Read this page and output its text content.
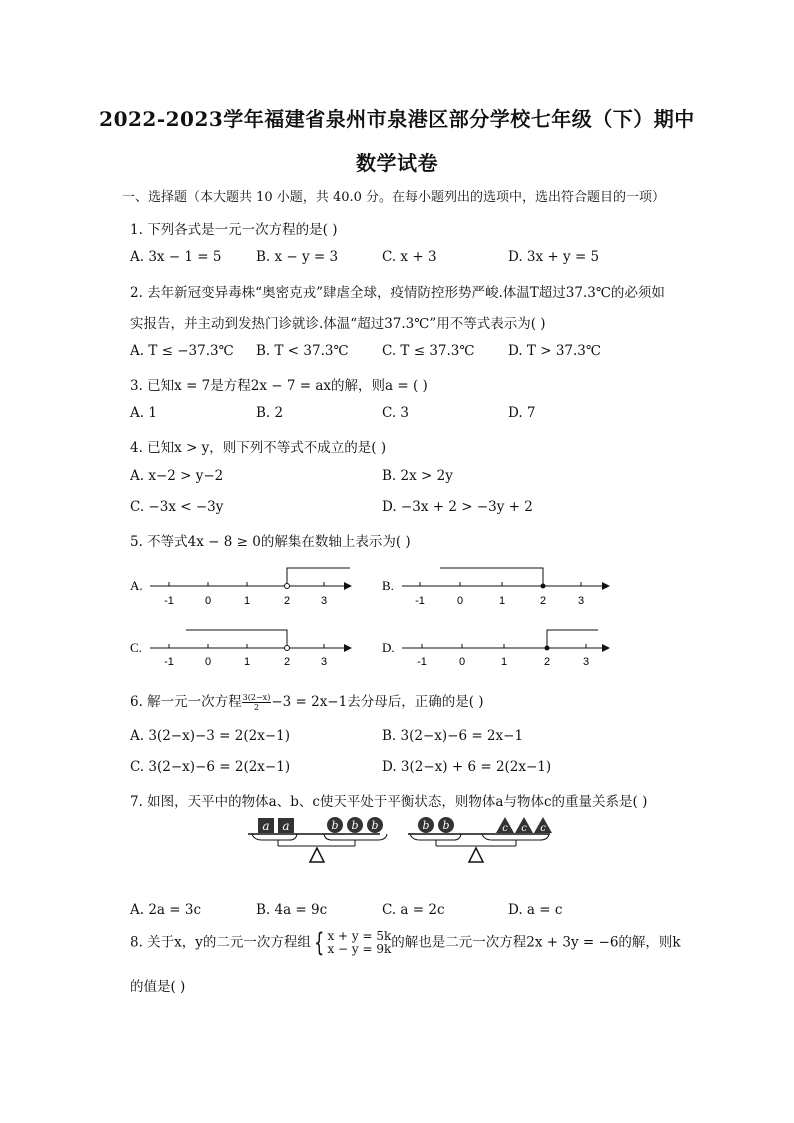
2022-2023学年福建省泉州市泉港区部分学校七年级（下）期中
数学试卷
一、选择题（本大题共 10 小题，共 40.0 分。在每小题列出的选项中，选出符合题目的一项）
1. 下列各式是一元一次方程的是( )
A. 3x − 1 = 5	B. x − y = 3	C. x + 3	D. 3x + y = 5
2. 去年新冠变异毒株“奥密克戎”肆虐全球，疫情防控形势严峻.体温T超过37.3℃的必须如
实报告，并主动到发热门诊就诊.体温“超过37.3℃”用不等式表示为( )
A. T ≤ −37.3℃ B. T < 37.3℃ C. T ≤ 37.3℃ D. T > 37.3℃
3. 已知x = 7是方程2x − 7 = ax的解，则a = ( )
A. 1	B. 2	C. 3	D. 7
4. 已知x > y，则下列不等式不成立的是( )
A. x−2 > y−2	B. 2x > 2y
C. −3x < −3y	D. −3x + 2 > −3y + 2
5. 不等式4x − 8 ≥ 0的解集在数轴上表示为( )
A.
-1	0	1	2	3
B.
-1	0	1	2	3
C.
-1	0	1	2	3
D.
-1	0	1	2	3
6. 解一元一次方程 $\frac{3(2-x)}{2} -3 = 2x-1$去分母后，正确的是( )
A. 3(2−x)−3 = 2(2x−1)	B. 3(2−x)−6 = 2x−1
C. 3(2−x)−6 = 2(2x−1)	D. 3(2−x) + 6 = 2(2x−1)
7. 如图，天平中的物体a、b、c使天平处于平衡状态，则物体a与物体c的重量关系是( )
a a	b b b	b b	c c c
A. 2a = 3c	B. 4a = 9c	C. a = 2c	D. a = c
8. 关于x，y的二元一次方程组 { x + y = 5k
x − y = 9k 的解也是二元一次方程2x + 3y = −6的解，则k
的值是( )
